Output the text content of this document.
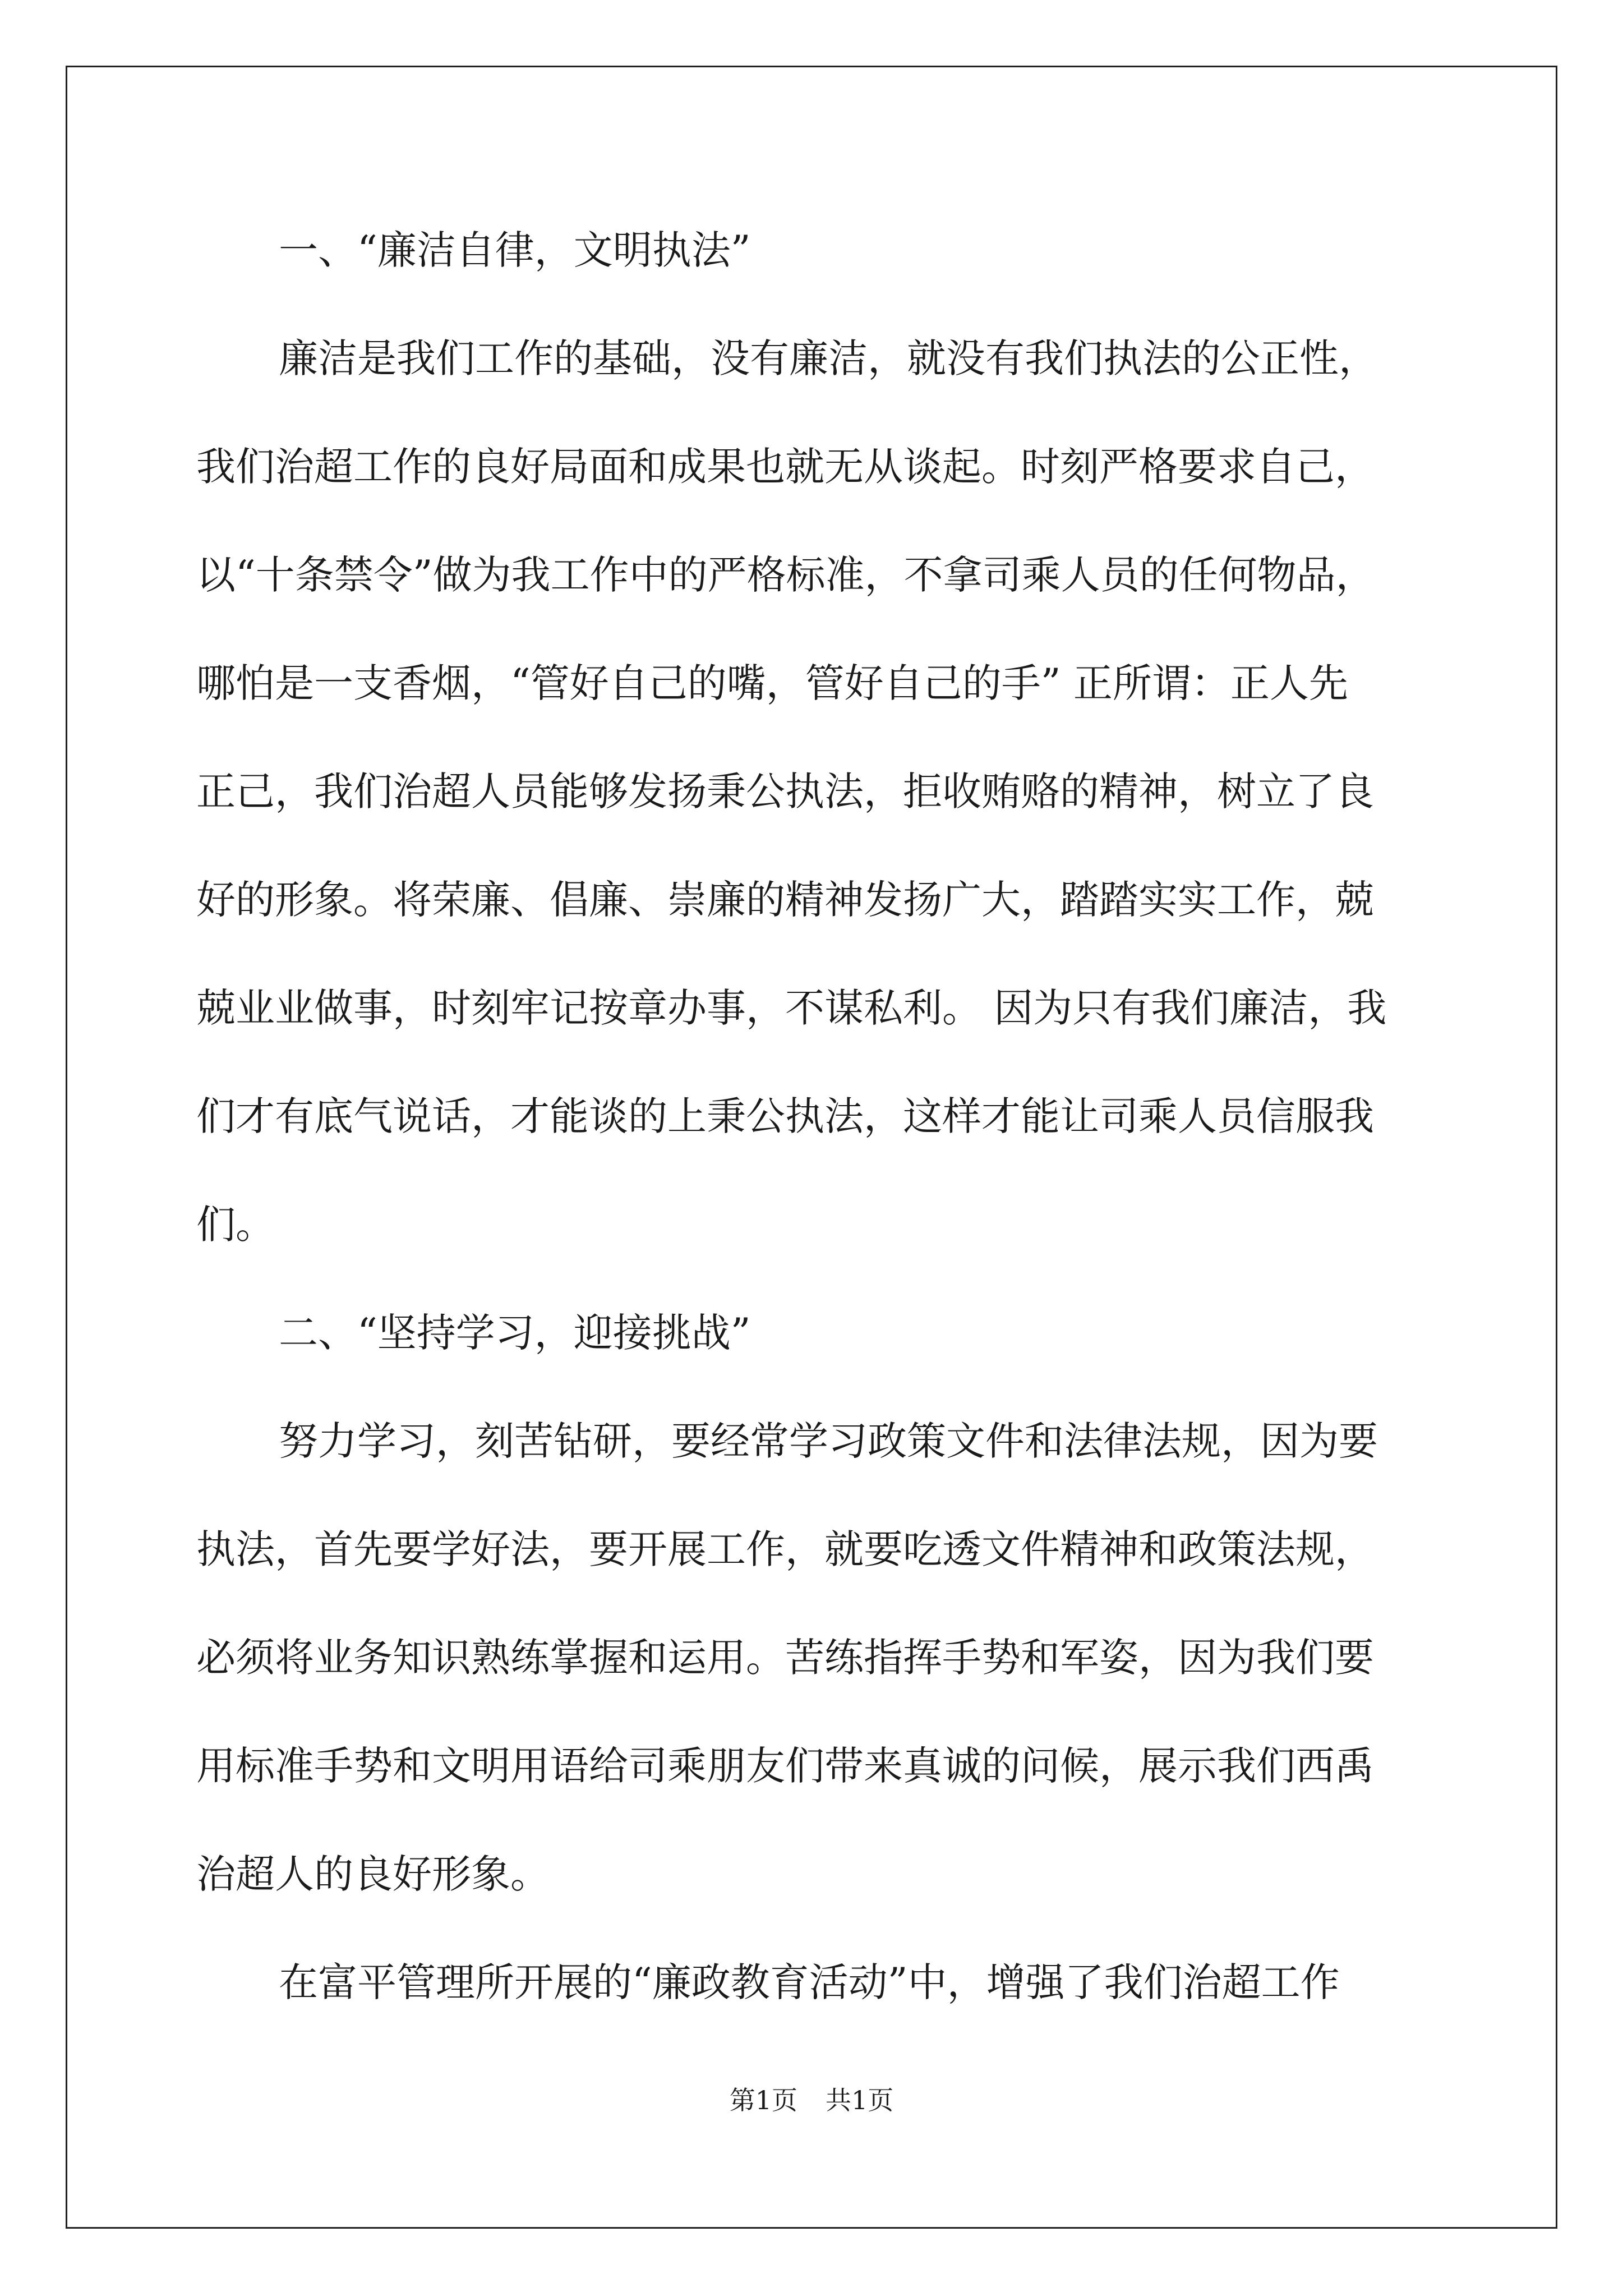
一、“廉洁自律，文明执法”
廉洁是我们工作的基础，没有廉洁，就没有我们执法的公正性，
我们治超工作的良好局面和成果也就无从谈起。时刻严格要求自己，
以“十条禁令”做为我工作中的严格标准，不拿司乘人员的任何物品，
哪怕是一支香烟，“管好自己的嘴，管好自己的手” 正所谓：正人先
正己，我们治超人员能够发扬秉公执法，拒收贿赂的精神，树立了良
好的形象。将荣廉、倡廉、崇廉的精神发扬广大，踏踏实实工作，兢
兢业业做事，时刻牢记按章办事，不谋私利。 因为只有我们廉洁，我
们才有底气说话，才能谈的上秉公执法，这样才能让司乘人员信服我
们。
二、“坚持学习，迎接挑战”
努力学习，刻苦钻研，要经常学习政策文件和法律法规，因为要
执法，首先要学好法，要开展工作，就要吃透文件精神和政策法规，
必须将业务知识熟练掌握和运用。苦练指挥手势和军姿，因为我们要
用标准手势和文明用语给司乘朋友们带来真诚的问候，展示我们西禹
治超人的良好形象。
在富平管理所开展的“廉政教育活动”中，增强了我们治超工作
第1页 共1页
